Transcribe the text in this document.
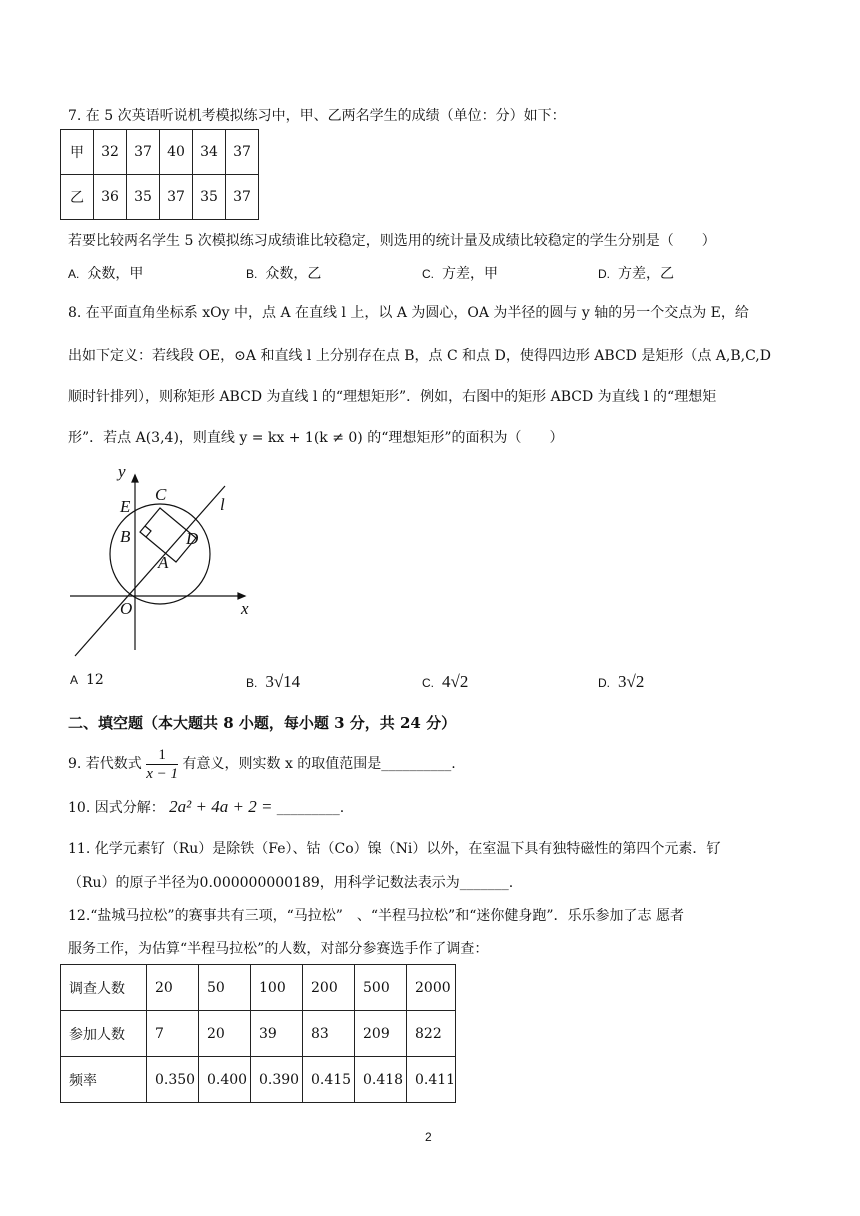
7. 在 5 次英语听说机考模拟练习中，甲、乙两名学生的成绩（单位：分）如下：
甲	32	37	40	34	37
乙	36	35	37	35	37
若要比较两名学生 5 次模拟练习成绩谁比较稳定，则选用的统计量及成绩比较稳定的学生分别是（　　）
A. 众数，甲	B. 众数，乙	C. 方差，甲	D. 方差，乙
8. 在平面直角坐标系 xOy 中，点 A 在直线 l 上，以 A 为圆心，OA 为半径的圆与 y 轴的另一个交点为 E，给
出如下定义：若线段 OE，⊙A 和直线 l 上分别存在点 B，点 C 和点 D，使得四边形 ABCD 是矩形（点 A,B,C,D
顺时针排列），则称矩形 ABCD 为直线 l 的“理想矩形”．例如，右图中的矩形 ABCD 为直线 l 的“理想矩
形”．若点 A(3,4)，则直线 y = kx + 1(k ≠ 0) 的“理想矩形”的面积为（　　）
y
x
E
C
l
B	D
A
O
A 12	B. 3√14	C. 4√2	D. 3√2
二、填空题（本大题共 8 小题，每小题 3 分，共 24 分）
9. 若代数式 $\frac{1}{x - 1}$ 有意义，则实数 x 的取值范围是__________.
10. 因式分解： 2a² + 4a + 2 = _________.
11. 化学元素钌（Ru）是除铁（Fe）、钴（Co）镍（Ni）以外，在室温下具有独特磁性的第四个元素．钌
（Ru）的原子半径为0.000000000189，用科学记数法表示为_______.
12.“盐城马拉松”的赛事共有三项，“马拉松”　、“半程马拉松”和“迷你健身跑”．乐乐参加了志 愿者
服务工作，为估算“半程马拉松”的人数，对部分参赛选手作了调查：
调查人数	20	50	100	200	500	2000
参加人数	7	20	39	83	209	822
频率	0.350	0.400	0.390	0.415	0.418	0.411
2
